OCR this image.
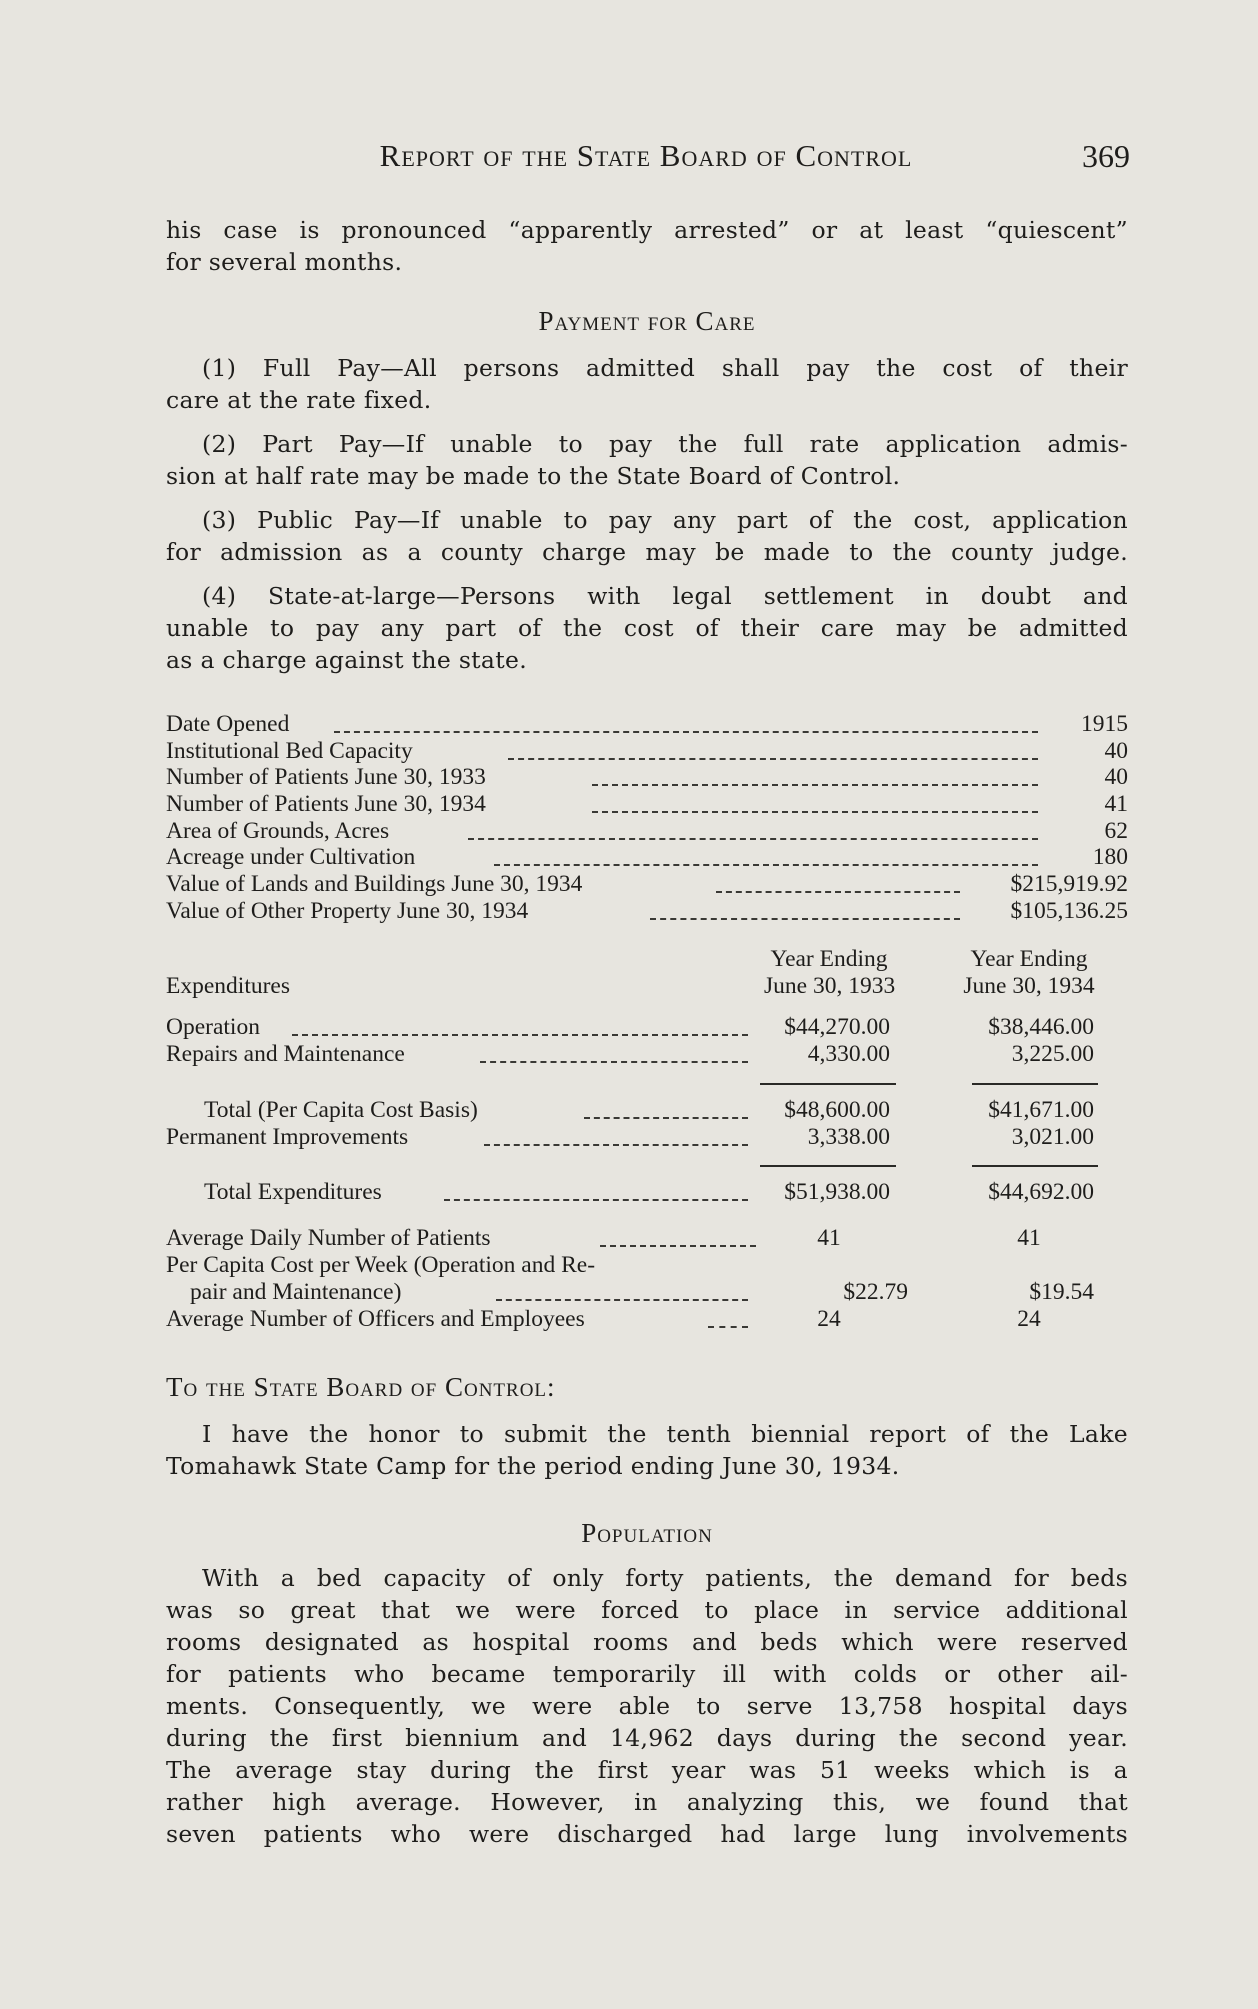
Report of the State Board of Control	369
his case is pronounced “apparently arrested” or at least “quiescent”
for several months.
Payment for Care
(1) Full Pay—All persons admitted shall pay the cost of their
care at the rate fixed.
(2) Part Pay—If unable to pay the full rate application admis-
sion at half rate may be made to the State Board of Control.
(3) Public Pay—If unable to pay any part of the cost, application
for admission as a county charge may be made to the county judge.
(4) State-at-large—Persons with legal settlement in doubt and
unable to pay any part of the cost of their care may be admitted
as a charge against the state.
Date Opened	1915
Institutional Bed Capacity	40
Number of Patients June 30, 1933	40
Number of Patients June 30, 1934	41
Area of Grounds, Acres	62
Acreage under Cultivation	180
Value of Lands and Buildings June 30, 1934	$215,919.92
Value of Other Property June 30, 1934	$105,136.25
Year Ending
June 30, 1933
Year Ending
June 30, 1934
Expenditures
Operation	$44,270.00	$38,446.00
Repairs and Maintenance	4,330.00	3,225.00
Total (Per Capita Cost Basis)	$48,600.00	$41,671.00
Permanent Improvements	3,338.00	3,021.00
Total Expenditures	$51,938.00	$44,692.00
Average Daily Number of Patients	41	41
Per Capita Cost per Week (Operation and Re-
pair and Maintenance)	$22.79	$19.54
Average Number of Officers and Employees	24	24
To the State Board of Control:
I have the honor to submit the tenth biennial report of the Lake
Tomahawk State Camp for the period ending June 30, 1934.
Population
With a bed capacity of only forty patients, the demand for beds
was so great that we were forced to place in service additional
rooms designated as hospital rooms and beds which were reserved
for patients who became temporarily ill with colds or other ail-
ments. Consequently, we were able to serve 13,758 hospital days
during the first biennium and 14,962 days during the second year.
The average stay during the first year was 51 weeks which is a
rather high average. However, in analyzing this, we found that
seven patients who were discharged had large lung involvements
